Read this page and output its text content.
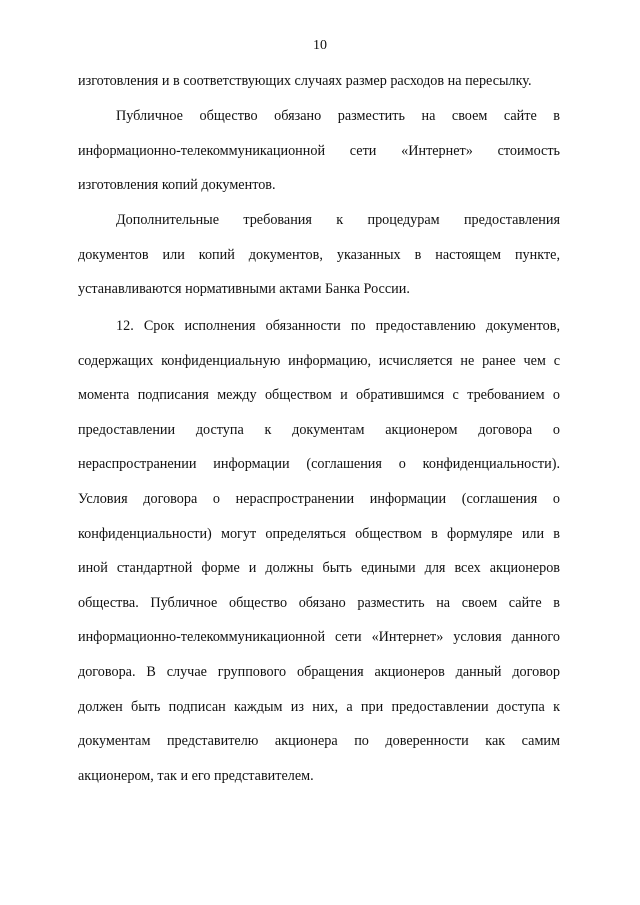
10
изготовления и в соответствующих случаях размер расходов на пересылку.
Публичное общество обязано разместить на своем сайте в
информационно-телекоммуникационной сети «Интернет» стоимость
изготовления копий документов.
Дополнительные требования к процедурам предоставления
документов или копий документов, указанных в настоящем пункте,
устанавливаются нормативными актами Банка России.
12. Срок исполнения обязанности по предоставлению документов,
содержащих конфиденциальную информацию, исчисляется не ранее чем с
момента подписания между обществом и обратившимся с требованием о
предоставлении доступа к документам акционером договора о
нераспространении информации (соглашения о конфиденциальности).
Условия договора о нераспространении информации (соглашения о
конфиденциальности) могут определяться обществом в формуляре или в
иной стандартной форме и должны быть едиными для всех акционеров
общества. Публичное общество обязано разместить на своем сайте в
информационно-телекоммуникационной сети «Интернет» условия данного
договора. В случае группового обращения акционеров данный договор
должен быть подписан каждым из них, а при предоставлении доступа к
документам представителю акционера по доверенности как самим
акционером, так и его представителем.
